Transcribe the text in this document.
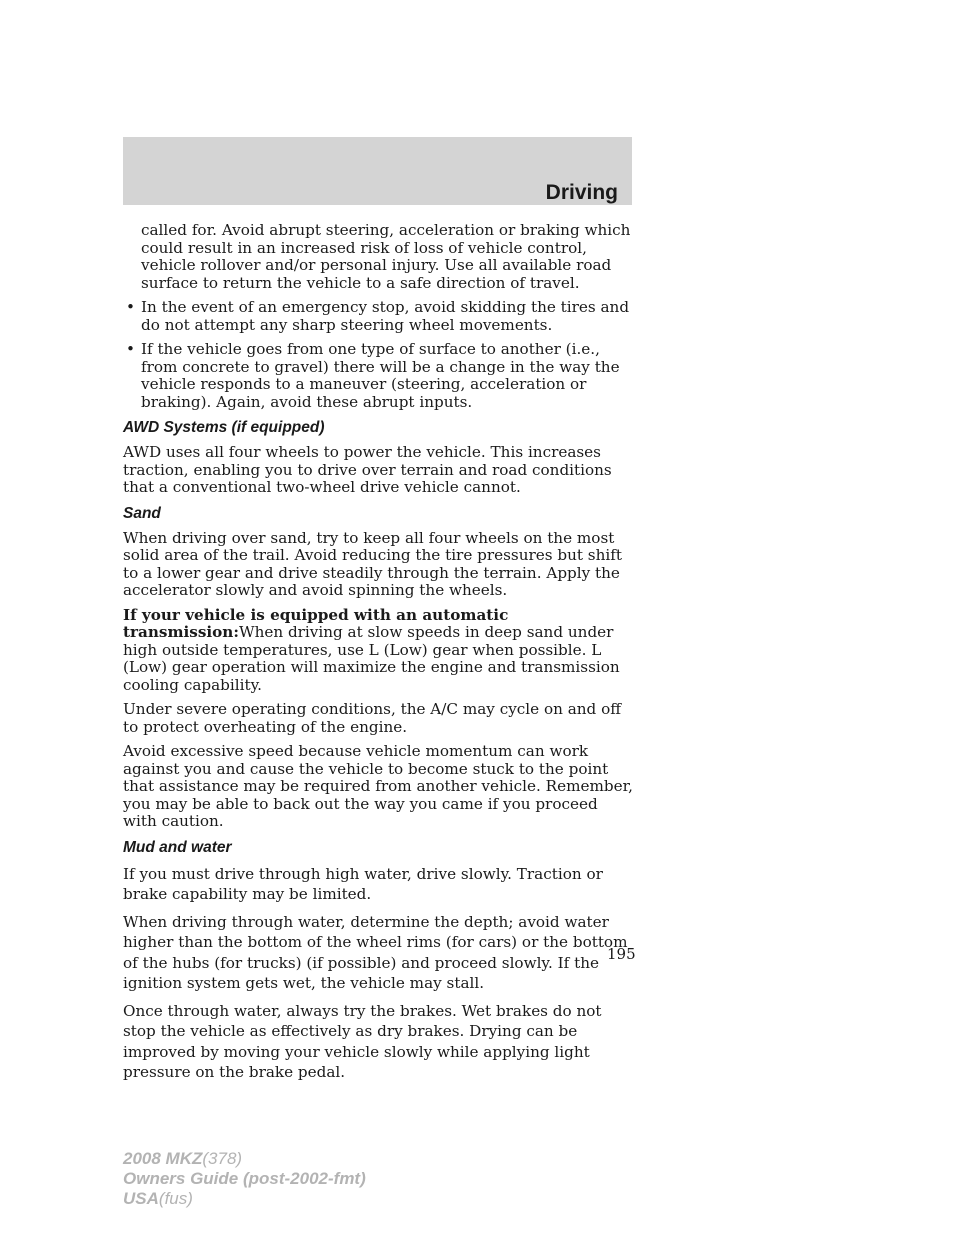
Driving

called for. Avoid abrupt steering, acceleration or braking which could result in an increased risk of loss of vehicle control, vehicle rollover and/or personal injury. Use all available road surface to return the vehicle to a safe direction of travel.

• In the event of an emergency stop, avoid skidding the tires and do not attempt any sharp steering wheel movements.
• If the vehicle goes from one type of surface to another (i.e., from concrete to gravel) there will be a change in the way the vehicle responds to a maneuver (steering, acceleration or braking). Again, avoid these abrupt inputs.
AWD Systems (if equipped)

AWD uses all four wheels to power the vehicle. This increases traction, enabling you to drive over terrain and road conditions that a conventional two-wheel drive vehicle cannot.

Sand

When driving over sand, try to keep all four wheels on the most solid area of the trail. Avoid reducing the tire pressures but shift to a lower gear and drive steadily through the terrain. Apply the accelerator slowly and avoid spinning the wheels.

If your vehicle is equipped with an automatic transmission:When driving at slow speeds in deep sand under high outside temperatures, use L (Low) gear when possible. L (Low) gear operation will maximize the engine and transmission cooling capability.

Under severe operating conditions, the A/C may cycle on and off to protect overheating of the engine.

Avoid excessive speed because vehicle momentum can work against you and cause the vehicle to become stuck to the point that assistance may be required from another vehicle. Remember, you may be able to back out the way you came if you proceed with caution.

Mud and water

If you must drive through high water, drive slowly. Traction or brake capability may be limited.

When driving through water, determine the depth; avoid water higher than the bottom of the wheel rims (for cars) or the bottom of the hubs (for trucks) (if possible) and proceed slowly. If the ignition system gets wet, the vehicle may stall.

Once through water, always try the brakes. Wet brakes do not stop the vehicle as effectively as dry brakes. Drying can be improved by moving your vehicle slowly while applying light pressure on the brake pedal.

195
2008 MKZ(378)
Owners Guide (post-2002-fmt)
USA(fus)
